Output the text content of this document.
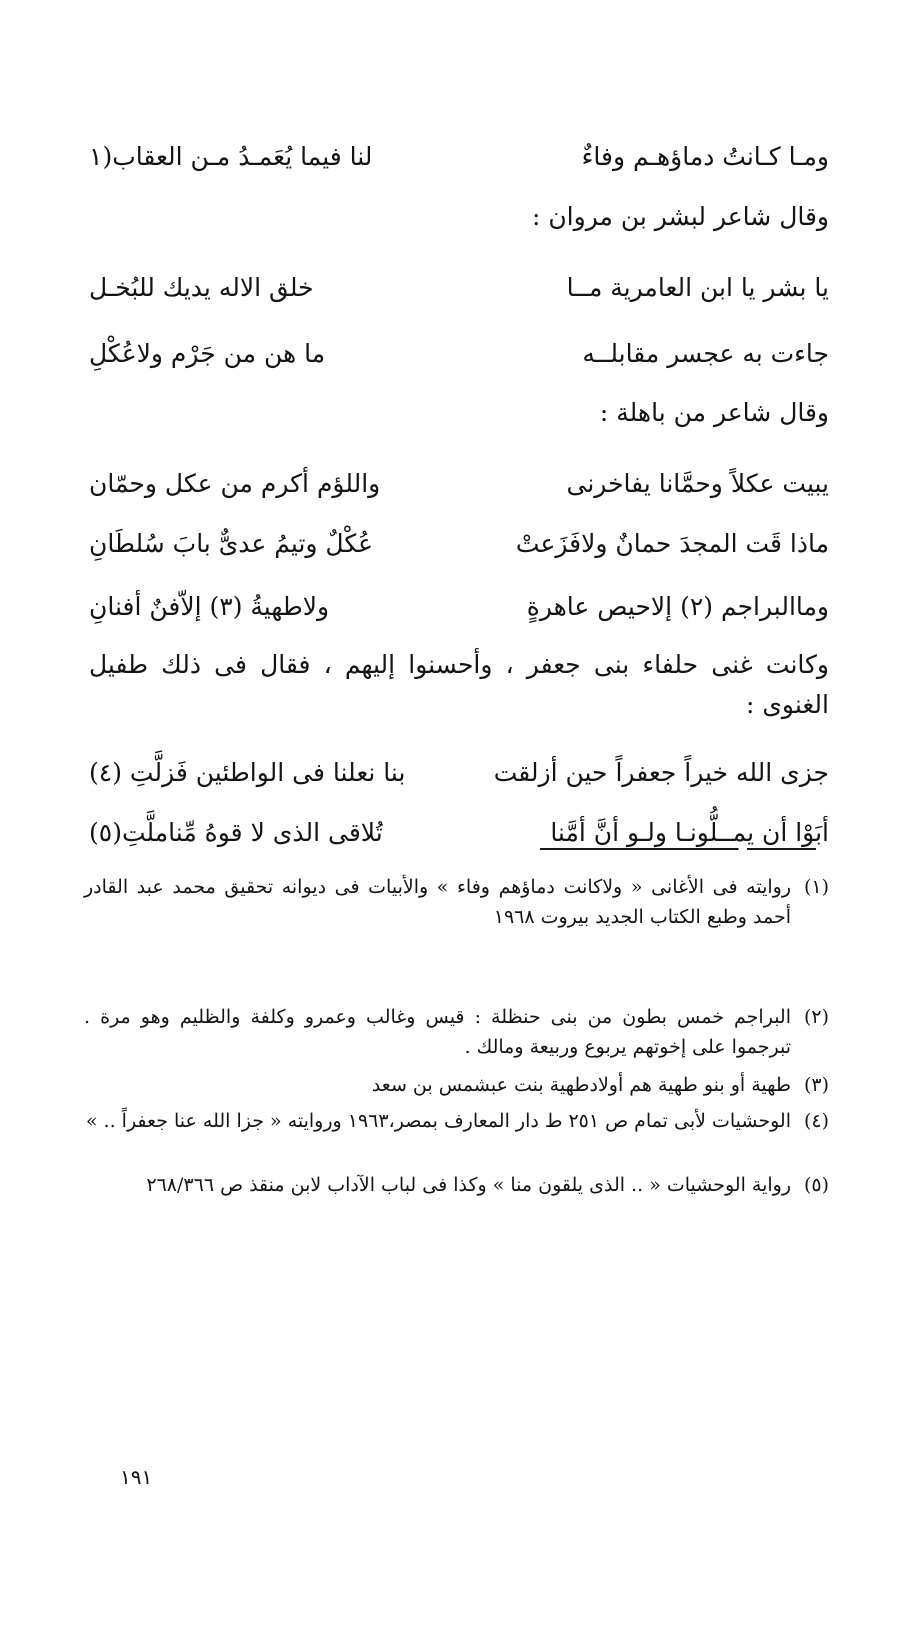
ومـا كـانتُ دماؤهـم وفاءٌ
لنا فيما يُعَمـدُ مـن العقاب(١
وقال شاعر لبشر بن مروان :
يا بشر يا ابن العامرية مــا
خلق الاله يديك للبُخـل
جاءت به عجسر مقابلــه
ما هن من جَرْم ولاعُكْلِ
وقال شاعر من باهلة :
يبيت عكلاً وحمَّانا يفاخرنى
واللؤم أكرم من عكل وحمّان
ماذا قَت المجدَ حمانٌ ولافَزَعتْ
عُكْلٌ وتيمُ عدىٌّ بابَ سُلطَانِ
وماالبراجم (٢) إلاحيص عاهرةٍ
ولاطهيةُ (٣) إلاّفنٌ أفنانِ
وكانت غنى حلفاء بنى جعفر ، وأحسنوا إليهم ، فقال فى ذلك طفيل الغنوى :
جزى الله خيراً جعفراً حين أزلقت
بنا نعلنا فى الواطئين فَزلَّتِ (٤)
أبَوْا أن يمــلُّونـا ولـو أنَّ أمَّنا
تُلاقى الذى لا قوهُ مِّناملَّتِ(٥)
(١)
روايته فى الأغانى « ولاكانت دماؤهم وفاء » والأبيات فى ديوانه تحقيق محمد عبد القادر أحمد وطبع الكتاب الجديد بيروت ١٩٦٨
(٢)
البراجم خمس بطون من بنى حنظلة : قيس وغالب وعمرو وكلفة والظليم وهو مرة . تبرجموا على إخوتهم يربوع وربيعة ومالك .
(٣)
طهية أو بنو طهية هم أولادطهية بنت عبشمس بن سعد
(٤)
الوحشيات لأبى تمام ص ٢٥١ ط دار المعارف بمصر،١٩٦٣ وروايته « جزا الله عنا جعفراً .. »
(٥)
رواية الوحشيات « .. الذى يلقون منا » وكذا فى لباب الآداب لابن منقذ ص ٢٦٨/٣٦٦
١٩١
